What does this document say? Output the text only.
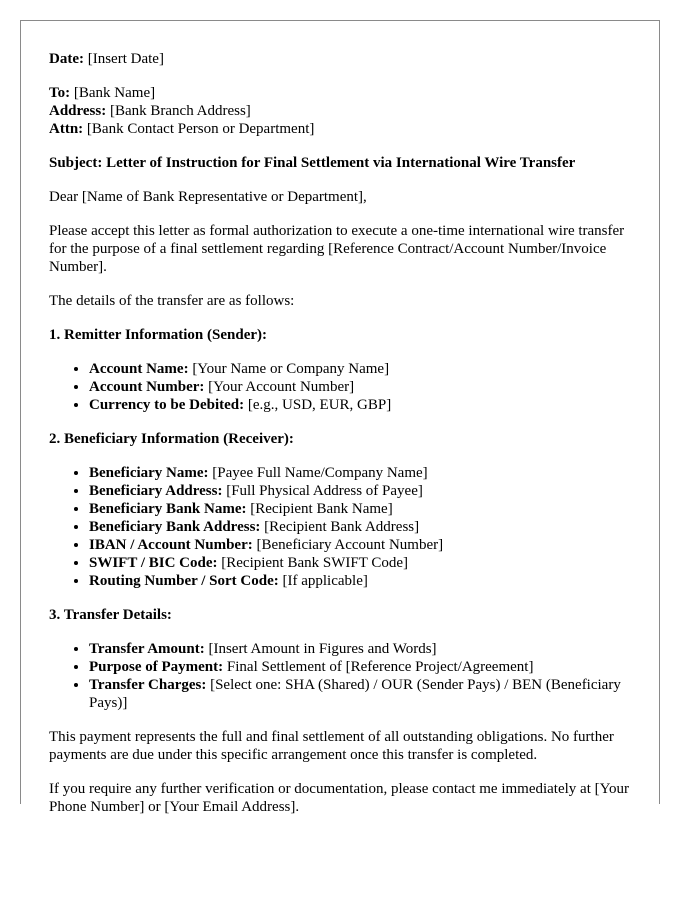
Date: [Insert Date]
To: [Bank Name]
Address: [Bank Branch Address]
Attn: [Bank Contact Person or Department]

Subject: Letter of Instruction for Final Settlement via International Wire Transfer

Dear [Name of Bank Representative or Department],

Please accept this letter as formal authorization to execute a one-time international wire transfer for the purpose of a final settlement regarding [Reference Contract/Account Number/Invoice Number].

The details of the transfer are as follows:

1. Remitter Information (Sender):

• Account Name: [Your Name or Company Name]
• Account Number: [Your Account Number]
• Currency to be Debited: [e.g., USD, EUR, GBP]

2. Beneficiary Information (Receiver):

• Beneficiary Name: [Payee Full Name/Company Name]
• Beneficiary Address: [Full Physical Address of Payee]
• Beneficiary Bank Name: [Recipient Bank Name]
• Beneficiary Bank Address: [Recipient Bank Address]
• IBAN / Account Number: [Beneficiary Account Number]
• SWIFT / BIC Code: [Recipient Bank SWIFT Code]
• Routing Number / Sort Code: [If applicable]

3. Transfer Details:

• Transfer Amount: [Insert Amount in Figures and Words]
• Purpose of Payment: Final Settlement of [Reference Project/Agreement]
• Transfer Charges: [Select one: SHA (Shared) / OUR (Sender Pays) / BEN (Beneficiary Pays)]

This payment represents the full and final settlement of all outstanding obligations. No further payments are due under this specific arrangement once this transfer is completed.

If you require any further verification or documentation, please contact me immediately at [Your Phone Number] or [Your Email Address].
